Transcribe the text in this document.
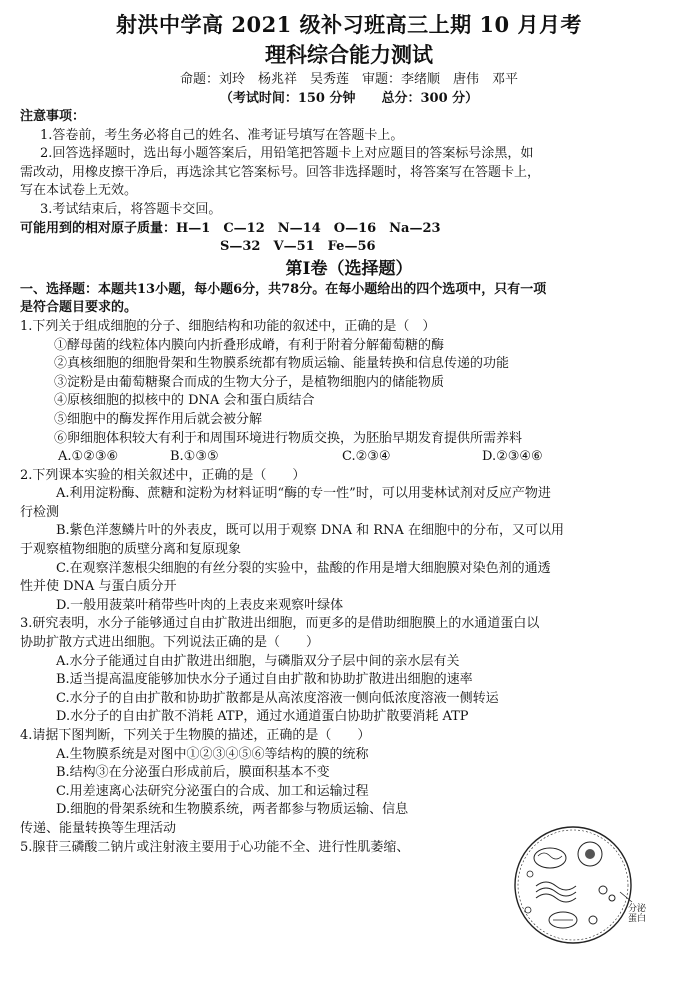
射洪中学高 2021 级补习班高三上期 10 月月考
理科综合能力测试
命题：刘玲　杨兆祥　吴秀莲　审题：李绪顺　唐伟　邓平
（考试时间：150 分钟　　总分：300 分）
注意事项：
1.答卷前，考生务必将自己的姓名、准考证号填写在答题卡上。
2.回答选择题时，选出每小题答案后，用铅笔把答题卡上对应题目的答案标号涂黑，如
需改动，用橡皮擦干净后，再选涂其它答案标号。回答非选择题时，将答案写在答题卡上，
写在本试卷上无效。
3.考试结束后，将答题卡交回。
可能用到的相对原子质量：H—1　C—12　N—14　O—16　Na—23
S—32　V—51　Fe—56
第Ⅰ卷（选择题）
一、选择题：本题共13小题，每小题6分，共78分。在每小题给出的四个选项中，只有一项
是符合题目要求的。
1.下列关于组成细胞的分子、细胞结构和功能的叙述中，正确的是（　）
①酵母菌的线粒体内膜向内折叠形成嵴，有利于附着分解葡萄糖的酶
②真核细胞的细胞骨架和生物膜系统都有物质运输、能量转换和信息传递的功能
③淀粉是由葡萄糖聚合而成的生物大分子，是植物细胞内的储能物质
④原核细胞的拟核中的 DNA 会和蛋白质结合
⑤细胞中的酶发挥作用后就会被分解
⑥卵细胞体积较大有利于和周围环境进行物质交换，为胚胎早期发育提供所需养料
A.①②③⑥	B.①③⑤	C.②③④	D.②③④⑥
2.下列课本实验的相关叙述中，正确的是（　　）
A.利用淀粉酶、蔗糖和淀粉为材料证明“酶的专一性”时，可以用斐林试剂对反应产物进
行检测
B.紫色洋葱鳞片叶的外表皮，既可以用于观察 DNA 和 RNA 在细胞中的分布，又可以用
于观察植物细胞的质壁分离和复原现象
C.在观察洋葱根尖细胞的有丝分裂的实验中，盐酸的作用是增大细胞膜对染色剂的通透
性并使 DNA 与蛋白质分开
D.一般用菠菜叶稍带些叶肉的上表皮来观察叶绿体
3.研究表明，水分子能够通过自由扩散进出细胞，而更多的是借助细胞膜上的水通道蛋白以
协助扩散方式进出细胞。下列说法正确的是（　　）
A.水分子能通过自由扩散进出细胞，与磷脂双分子层中间的亲水层有关
B.适当提高温度能够加快水分子通过自由扩散和协助扩散进出细胞的速率
C.水分子的自由扩散和协助扩散都是从高浓度溶液一侧向低浓度溶液一侧转运
D.水分子的自由扩散不消耗 ATP，通过水通道蛋白协助扩散要消耗 ATP
4.请据下图判断，下列关于生物膜的描述，正确的是（　　）
A.生物膜系统是对图中①②③④⑤⑥等结构的膜的统称
B.结构③在分泌蛋白形成前后，膜面积基本不变
C.用差速离心法研究分泌蛋白的合成、加工和运输过程
D.细胞的骨架系统和生物膜系统，两者都参与物质运输、信息
传递、能量转换等生理活动
5.腺苷三磷酸二钠片或注射液主要用于心功能不全、进行性肌萎缩、
分泌
蛋白
